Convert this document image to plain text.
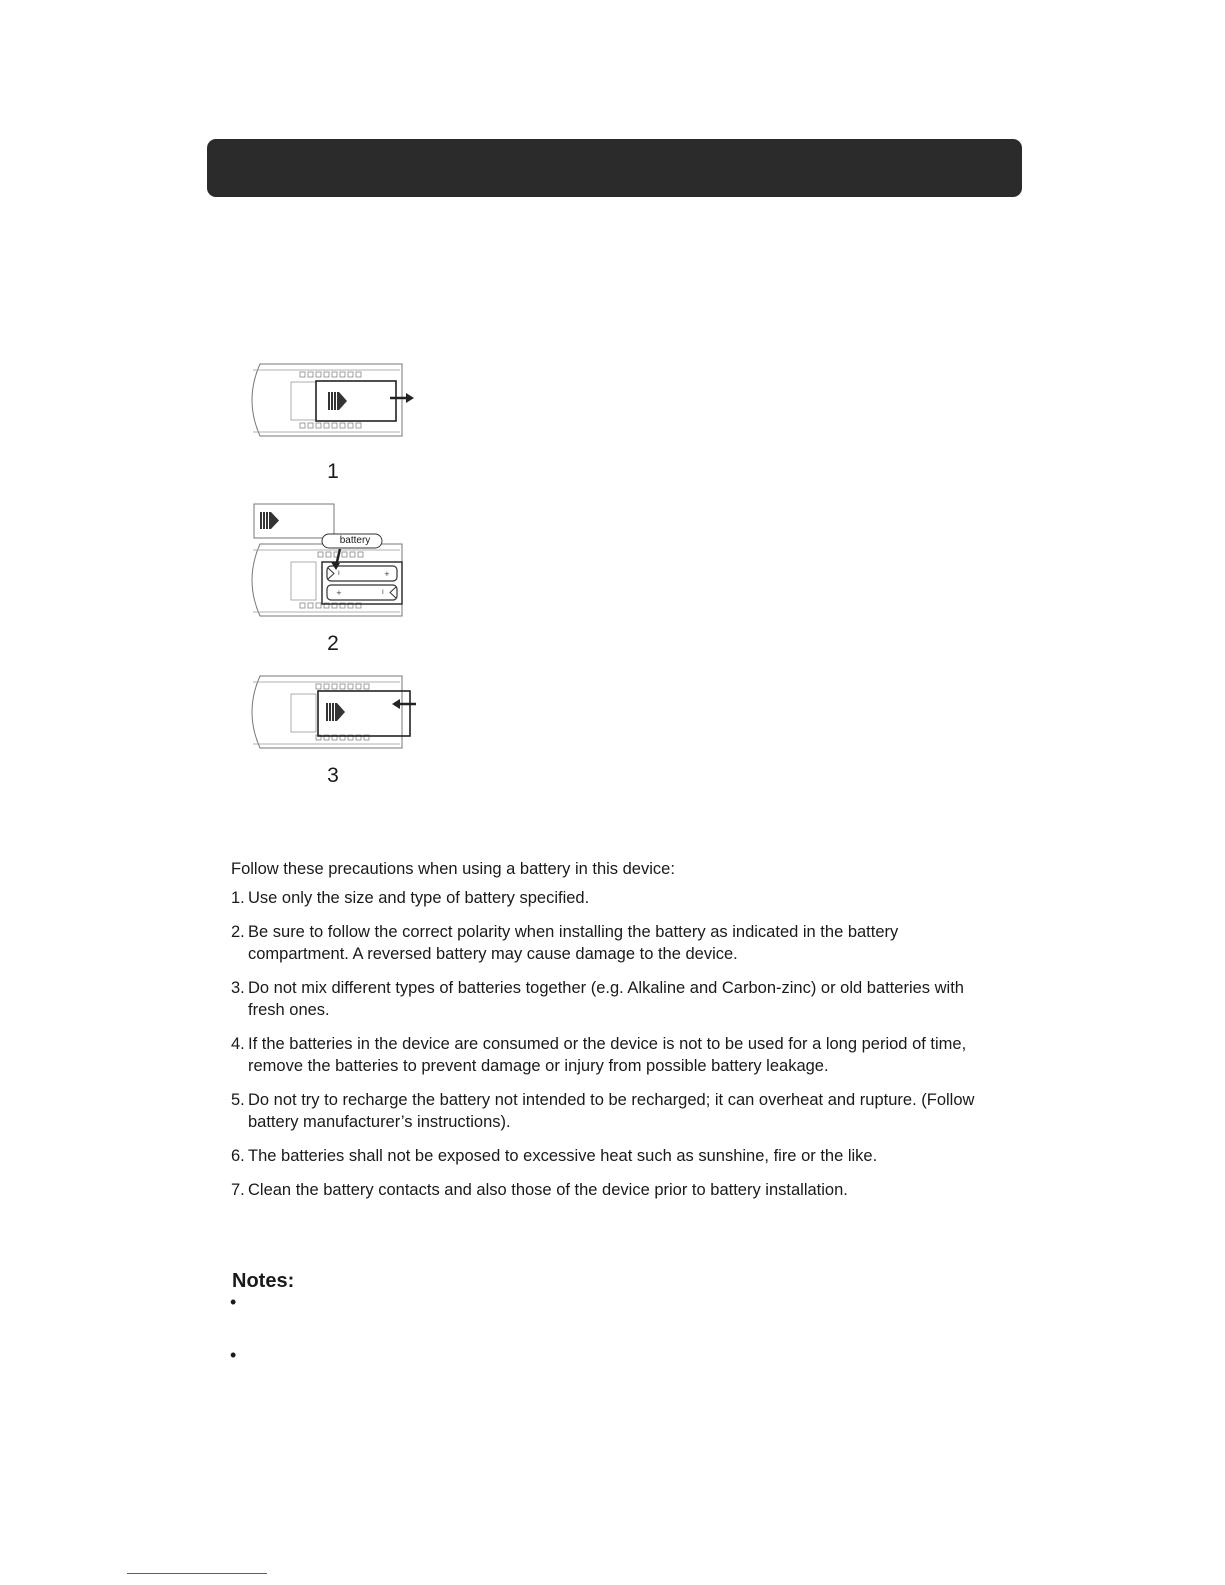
1
I	+
+	I
battery
2
3

Follow these precautions when using a battery in this device:

1. Use only the size and type of battery specified.
2. Be sure to follow the correct polarity when installing the battery as indicated in the battery compartment. A reversed battery may cause damage to the device.
3. Do not mix different types of batteries together (e.g. Alkaline and Carbon-zinc) or old batteries with fresh ones.
4. If the batteries in the device are consumed or the device is not to be used for a long period of time, remove the batteries to prevent damage or injury from possible battery leakage.
5. Do not try to recharge the battery not intended to be recharged; it can overheat and rupture. (Follow battery manufacturer’s instructions).
6. The batteries shall not be exposed to excessive heat such as sunshine, fire or the like.
7. Clean the battery contacts and also those of the device prior to battery installation.

Notes:

•
•
